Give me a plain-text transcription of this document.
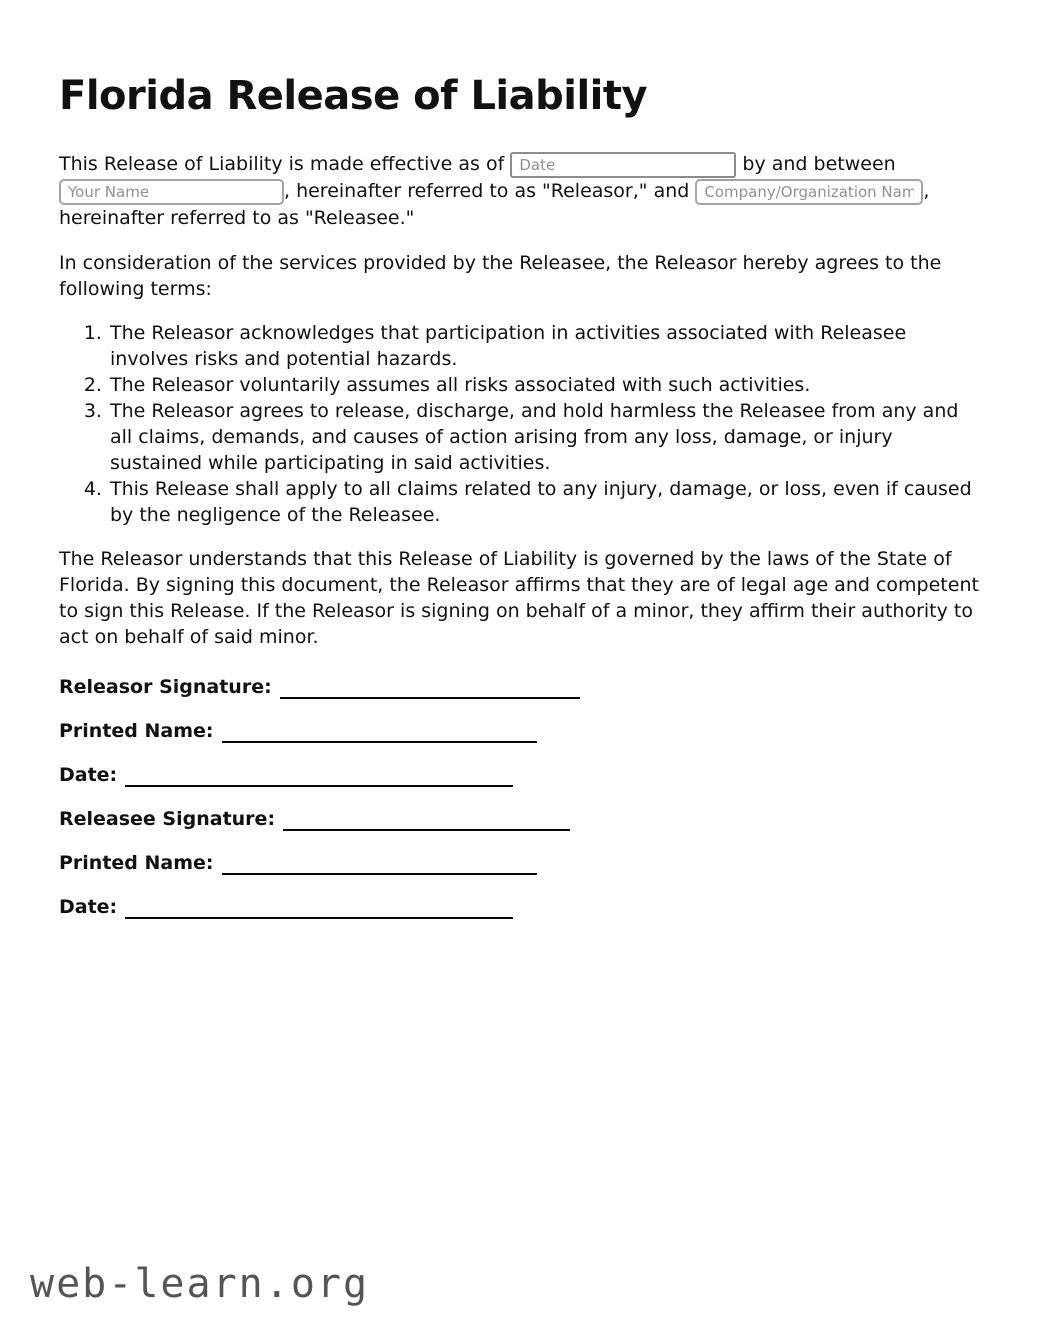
Florida Release of Liability

This Release of Liability is made effective as of Date	by and between Your Name, hereinafter referred to as "Releasor," and Company/Organization Name	, hereinafter referred to as "Releasee."

In consideration of the services provided by the Releasee, the Releasor hereby agrees to the following terms:

1. The Releasor acknowledges that participation in activities associated with Releasee involves risks and potential hazards.
2. The Releasor voluntarily assumes all risks associated with such activities.
3. The Releasor agrees to release, discharge, and hold harmless the Releasee from any and all claims, demands, and causes of action arising from any loss, damage, or injury sustained while participating in said activities.
4. This Release shall apply to all claims related to any injury, damage, or loss, even if caused by the negligence of the Releasee.

The Releasor understands that this Release of Liability is governed by the laws of the State of Florida. By signing this document, the Releasor affirms that they are of legal age and competent to sign this Release. If the Releasor is signing on behalf of a minor, they affirm their authority to act on behalf of said minor.

Releasor Signature:
Printed Name:
Date:
Releasee Signature:
Printed Name:
Date:
web-learn.org
